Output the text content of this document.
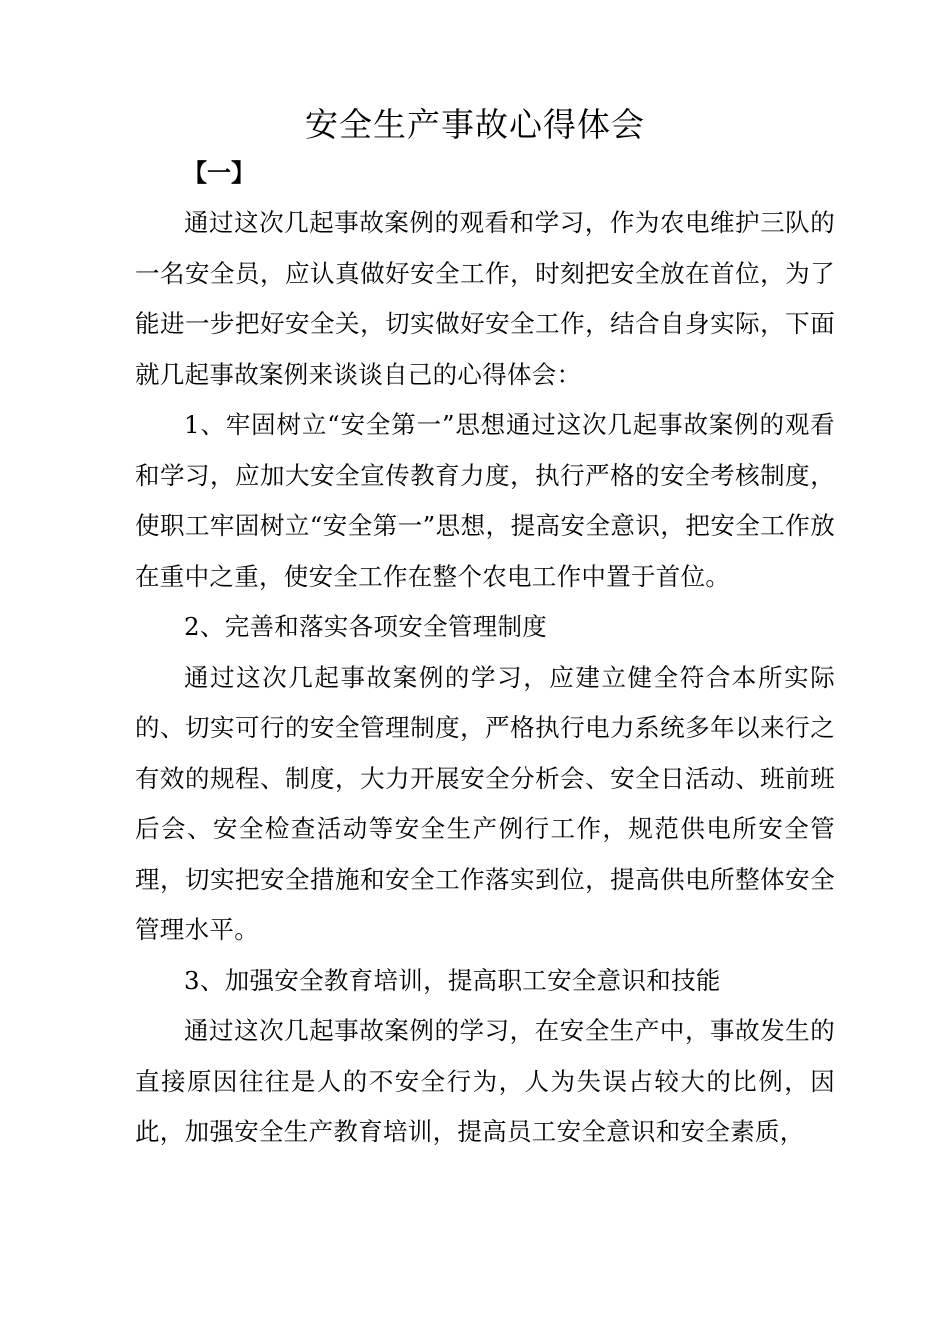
安全生产事故心得体会

【一】

通过这次几起事故案例的观看和学习，作为农电维护三队的一名安全员，应认真做好安全工作，时刻把安全放在首位，为了能进一步把好安全关，切实做好安全工作，结合自身实际，下面就几起事故案例来谈谈自己的心得体会：

1、牢固树立“安全第一”思想通过这次几起事故案例的观看和学习，应加大安全宣传教育力度，执行严格的安全考核制度，使职工牢固树立“安全第一”思想，提高安全意识，把安全工作放在重中之重，使安全工作在整个农电工作中置于首位。

2、完善和落实各项安全管理制度

通过这次几起事故案例的学习，应建立健全符合本所实际的、切实可行的安全管理制度，严格执行电力系统多年以来行之有效的规程、制度，大力开展安全分析会、安全日活动、班前班后会、安全检查活动等安全生产例行工作，规范供电所安全管理，切实把安全措施和安全工作落实到位，提高供电所整体安全管理水平。

3、加强安全教育培训，提高职工安全意识和技能

通过这次几起事故案例的学习，在安全生产中，事故发生的直接原因往往是人的不安全行为，人为失误占较大的比例，因此，加强安全生产教育培训，提高员工安全意识和安全素质，
